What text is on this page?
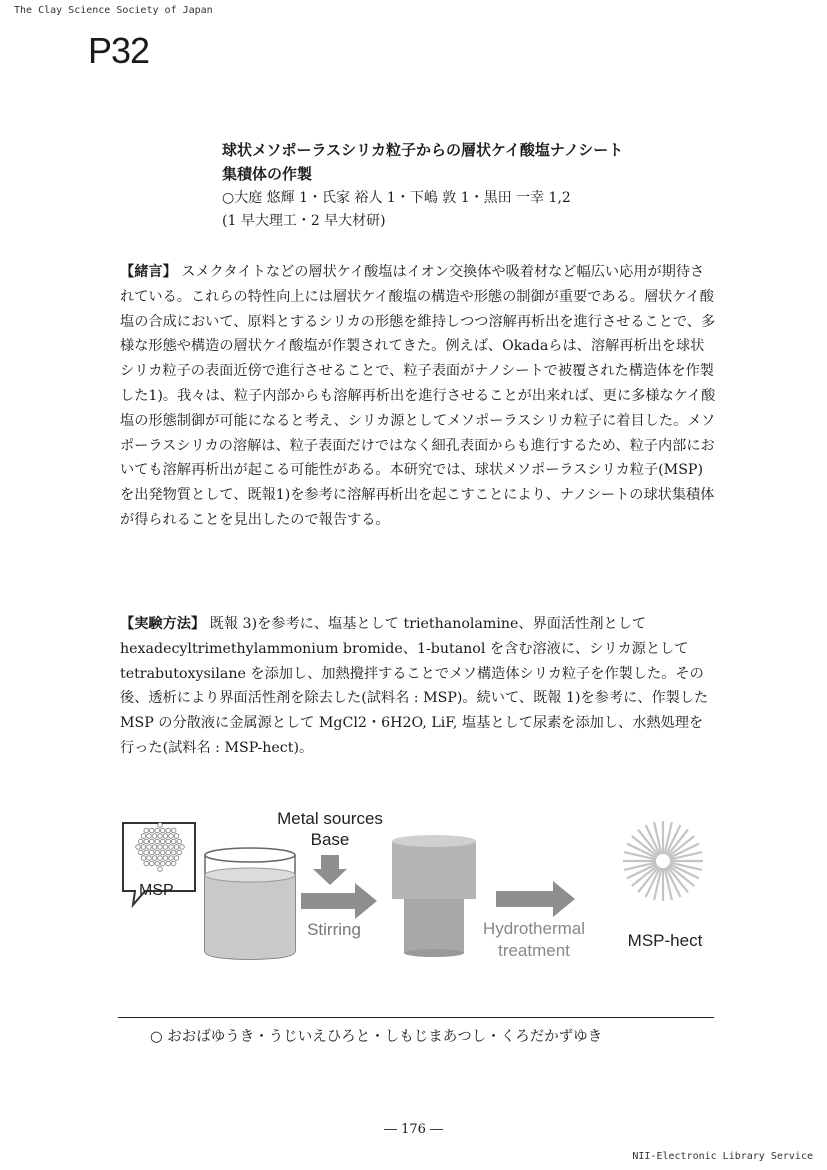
The Clay Science Society of Japan
P32
球状メソポーラスシリカ粒子からの層状ケイ酸塩ナノシート
集積体の作製
○大庭 悠輝 1・氏家 裕人 1・下嶋 敦 1・黒田 一幸 1,2
(1 早大理工・2 早大材研)

【緒言】 スメクタイトなどの層状ケイ酸塩はイオン交換体や吸着材など幅広い応用が期待されている。これらの特性向上には層状ケイ酸塩の構造や形態の制御が重要である。層状ケイ酸塩の合成において、原料とするシリカの形態を維持しつつ溶解再析出を進行させることで、多様な形態や構造の層状ケイ酸塩が作製されてきた。例えば、Okadaらは、溶解再析出を球状シリカ粒子の表面近傍で進行させることで、粒子表面がナノシートで被覆された構造体を作製した1)。我々は、粒子内部からも溶解再析出を進行させることが出来れば、更に多様なケイ酸塩の形態制御が可能になると考え、シリカ源としてメソポーラスシリカ粒子に着目した。メソポーラスシリカの溶解は、粒子表面だけではなく細孔表面からも進行するため、粒子内部においても溶解再析出が起こる可能性がある。本研究では、球状メソポーラスシリカ粒子(MSP)を出発物質として、既報1)を参考に溶解再析出を起こすことにより、ナノシートの球状集積体が得られることを見出したので報告する。

【実験方法】 既報 3)を参考に、塩基として triethanolamine、界面活性剤として hexadecyltrimethylammonium bromide、1-butanol を含む溶液に、シリカ源として tetrabutoxysilane を添加し、加熱攪拌することでメソ構造体シリカ粒子を作製した。その後、透析により界面活性剤を除去した(試料名 : MSP)。続いて、既報 1)を参考に、作製した MSP の分散液に金属源として MgCl2・6H2O, LiF, 塩基として尿素を添加し、水熱処理を行った(試料名 : MSP-hect)。

MSP
Metal sources
Base
Stirring	Hydrothermal
treatment
MSP-hect
○ おおばゆうき・うじいえひろと・しもじまあつし・くろだかずゆき
― 176 ―
NII-Electronic Library Service
